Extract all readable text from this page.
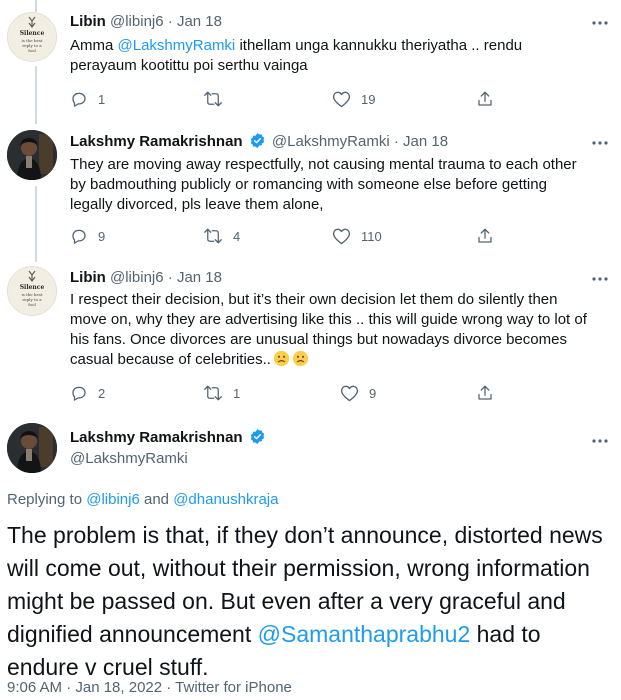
Silence
is the best
reply to a
fool
Libin @libinj6 · Jan 18
Amma @LakshmyRamki ithellam unga kannukku theriyatha .. rendu perayaum kootittu poi serthu vainga
1	19
Lakshmy Ramakrishnan @LakshmyRamki · Jan 18
They are moving away respectfully, not causing mental trauma to each other by badmouthing publicly or romancing with someone else before getting legally divorced, pls leave them alone,
9	4	110
Silence
is the best
reply to a
fool
Libin @libinj6 · Jan 18
I respect their decision, but it’s their own decision let them do silently then move on, why they are advertising like this .. this will guide wrong way to lot of his fans. Once divorces are unusual things but nowadays divorce becomes casual because of celebrities..
2	1	9
Lakshmy Ramakrishnan
@LakshmyRamki
Replying to @libinj6 and @dhanushkraja
The problem is that, if they don’t announce, distorted news will come out, without their permission, wrong information might be passed on. But even after a very graceful and dignified announcement @Samanthaprabhu2 had to endure v cruel stuff.
9:06 AM · Jan 18, 2022 · Twitter for iPhone
